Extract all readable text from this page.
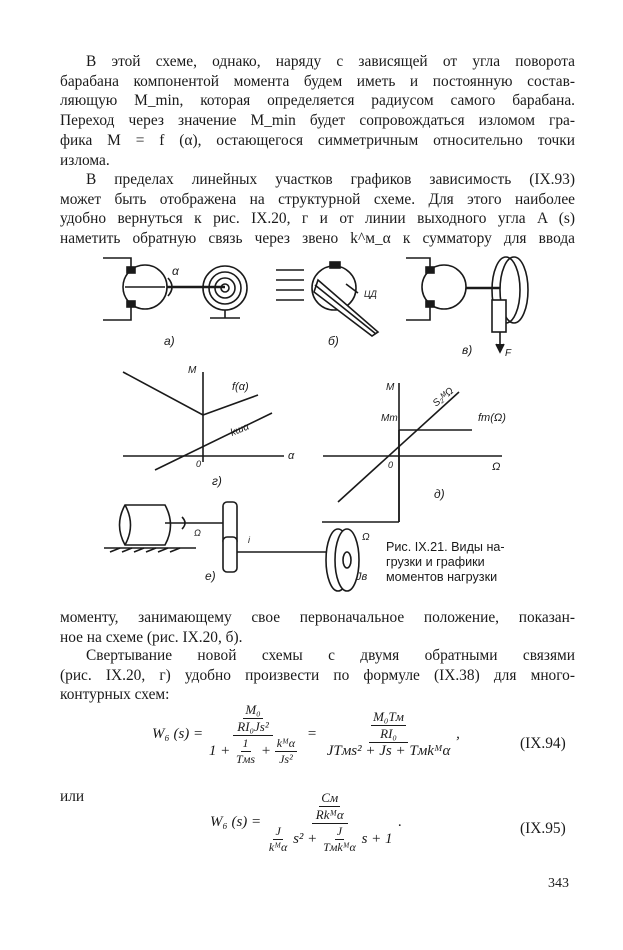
В этой схеме, однако, наряду с зависящей от угла поворота
барабана компонентой момента будем иметь и постоянную состав-
ляющую M_min, которая определяется радиусом самого барабана.
Переход через значение M_min будет сопровождаться изломом гра-
фика M = f (α), остающегося симметричным относительно точки
излома.
В пределах линейных участков графиков зависимость (IX.93)
может быть отображена на структурной схеме. Для этого наиболее
удобно вернуться к рис. IX.20, г и от линии выходного угла A (s)
наметить обратную связь через звено k^м_α к сумматору для ввода
α
а)
ЦД
б)
F
в)
M
α
0
f(α)
kшα
г)
M
Mт	fт(Ω)
S₂ᴹΩ
Ω
0
д)
Ω
i	Ω
Jв
е)
Рис. IX.21. Виды на-
грузки и графики
моментов нагрузки
моменту, занимающему свое первоначальное положение, показан-
ное на схеме (рис. IX.20, б).
Свертывание новой схемы с двумя обратными связями
(рис. IX.20, г) удобно произвести по формуле (IX.38) для много-
контурных схем:
W₆ $(s) = \frac{\text{M₀}}{\text{RI₀Js²}}$
$1 + \frac{1}{\text{Tмs}} + \frac{\text{kᴹα}}{\text{Js²}}$
= $\frac{\frac{\text{M₀Tм}}{\text{RI₀}}}{\text{JTмs² + Js + Tмkᴹα}}$ ,
(IX.94)
или
W₆ (s) =	$\frac{Cм}{\text{Rkᴹα}}$
$\frac{J}{\text{kᴹα}} s^2 + \frac{J}{\text{Tмkᴹα}}$ s + 1
.	(IX.95)
343
